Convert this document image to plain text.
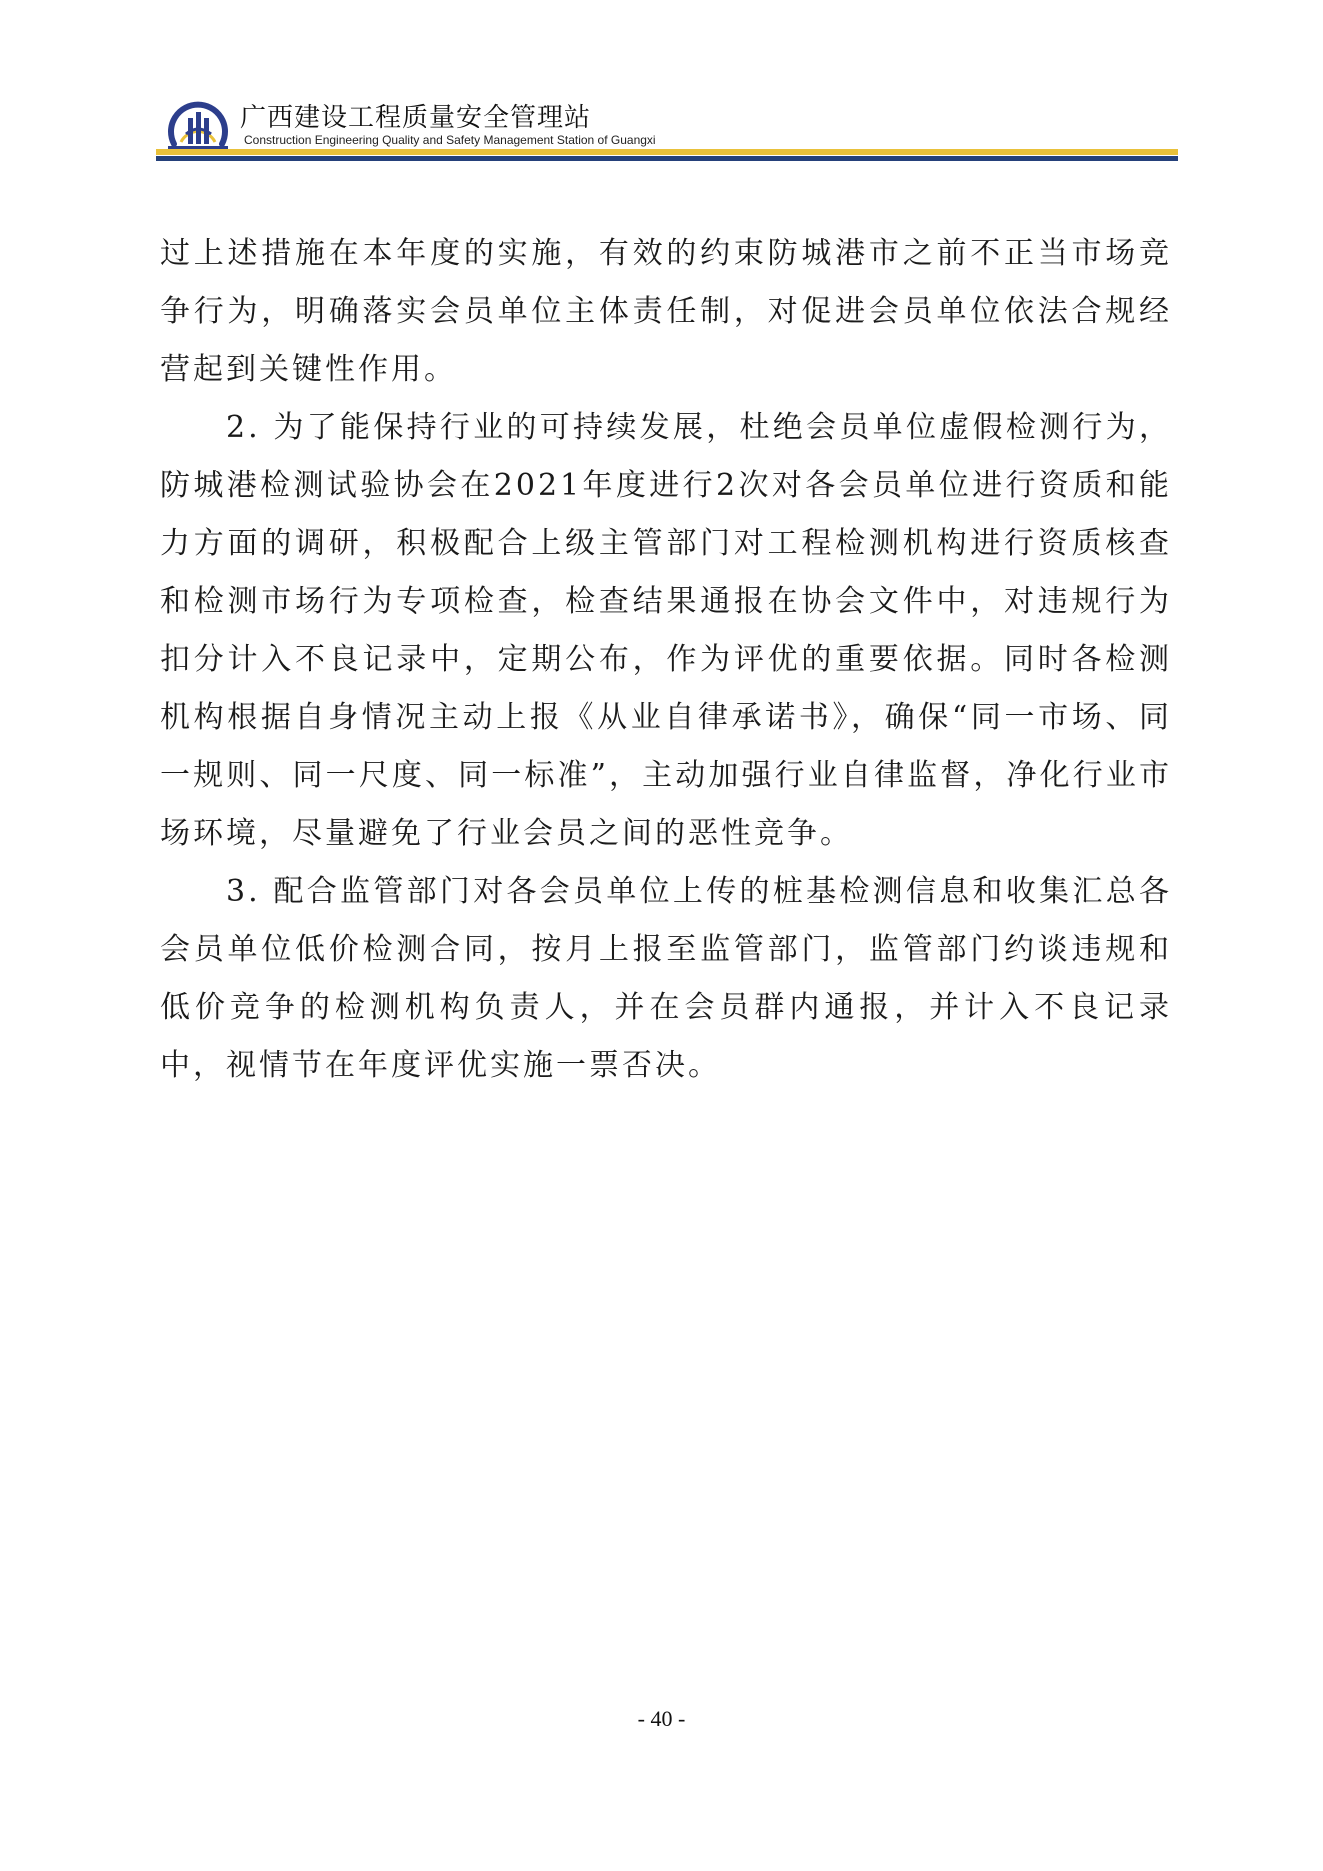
广西建设工程质量安全管理站
Construction Engineering Quality and Safety Management Station of Guangxi

过上述措施在本年度的实施，有效的约束防城港市之前不正当市场竞争行为，明确落实会员单位主体责任制，对促进会员单位依法合规经营起到关键性作用。

2. 为了能保持行业的可持续发展，杜绝会员单位虚假检测行为，防城港检测试验协会在2021年度进行2次对各会员单位进行资质和能力方面的调研，积极配合上级主管部门对工程检测机构进行资质核查和检测市场行为专项检查，检查结果通报在协会文件中，对违规行为扣分计入不良记录中，定期公布，作为评优的重要依据。同时各检测机构根据自身情况主动上报《从业自律承诺书》，确保“同一市场、同一规则、同一尺度、同一标准”，主动加强行业自律监督，净化行业市场环境，尽量避免了行业会员之间的恶性竞争。

3. 配合监管部门对各会员单位上传的桩基检测信息和收集汇总各会员单位低价检测合同，按月上报至监管部门，监管部门约谈违规和低价竞争的检测机构负责人，并在会员群内通报，并计入不良记录中，视情节在年度评优实施一票否决。

- 40 -
